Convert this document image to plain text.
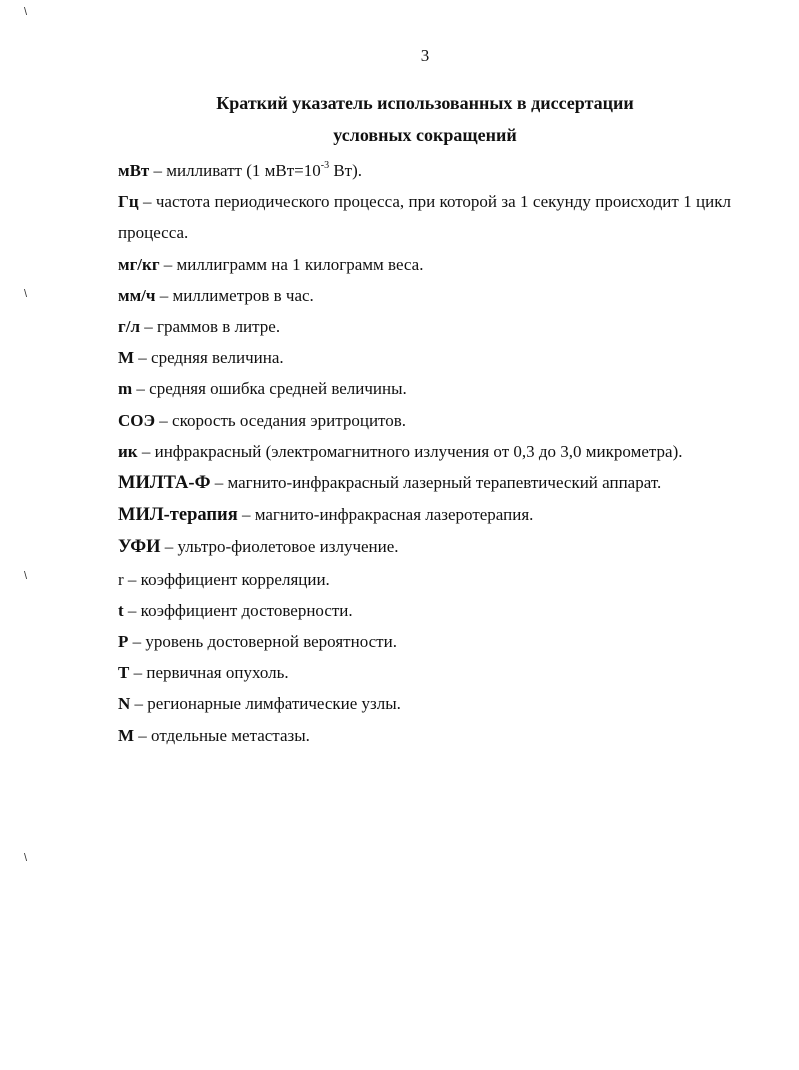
\
\
\
\
3
Краткий указатель использованных в диссертации
условных сокращений
мВт – милливатт (1 $мВт=10^{-3}$ Вт).
Гц – частота периодического процесса, при которой за 1 секунду происходит 1 цикл процесса.
мг/кг – миллиграмм на 1 килограмм веса.
мм/ч – миллиметров в час.
г/л – граммов в литре.
М – средняя величина.
m – средняя ошибка средней величины.
СОЭ – скорость оседания эритроцитов.
ик – инфракрасный (электромагнитного излучения от 0,3 до 3,0 микрометра).
МИЛТА-Ф – магнито-инфракрасный лазерный терапевтический аппарат.
МИЛ-терапия – магнито-инфракрасная лазеротерапия.
УФИ – ультро-фиолетовое излучение.
r – коэффициент корреляции.
t – коэффициент достоверности.
Р – уровень достоверной вероятности.
Т – первичная опухоль.
N – регионарные лимфатические узлы.
М – отдельные метастазы.
